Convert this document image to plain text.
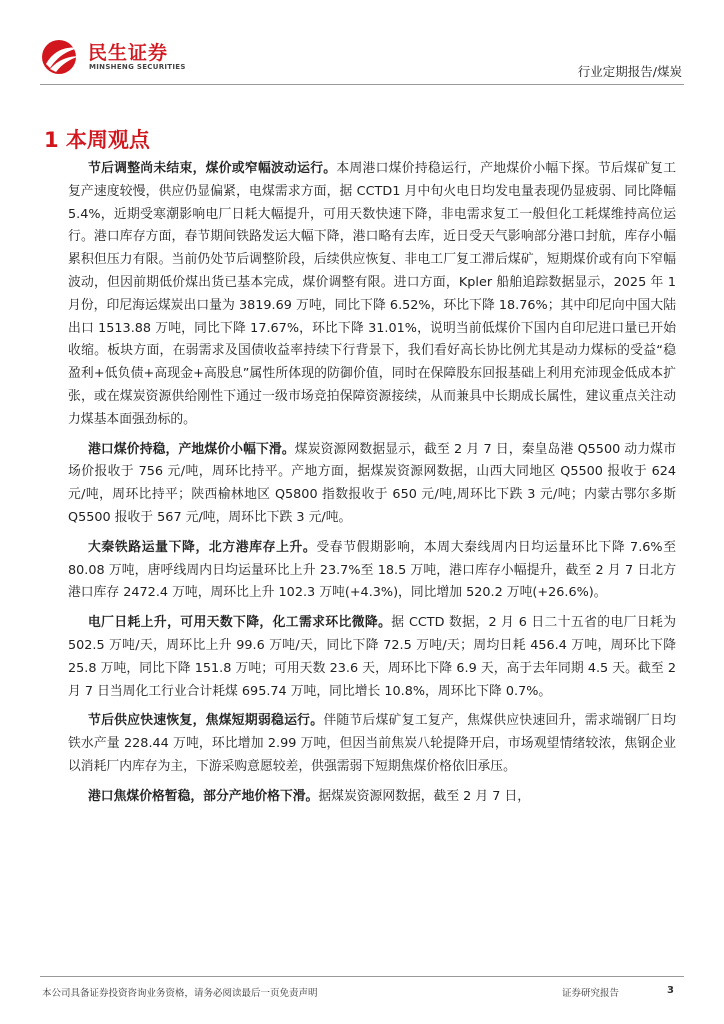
民生证券
MINSHENG SECURITIES	行业定期报告/煤炭
1 本周观点

节后调整尚未结束，煤价或窄幅波动运行。本周港口煤价持稳运行，产地煤价小幅下探。节后煤矿复工复产速度较慢，供应仍显偏紧，电煤需求方面，据 CCTD1 月中旬火电日均发电量表现仍显疲弱、同比降幅 5.4%，近期受寒潮影响电厂日耗大幅提升，可用天数快速下降，非电需求复工一般但化工耗煤维持高位运行。港口库存方面，春节期间铁路发运大幅下降，港口略有去库，近日受天气影响部分港口封航，库存小幅累积但压力有限。当前仍处节后调整阶段，后续供应恢复、非电工厂复工滞后煤矿，短期煤价或有向下窄幅波动，但因前期低价煤出货已基本完成，煤价调整有限。进口方面，Kpler 船舶追踪数据显示，2025 年 1 月份，印尼海运煤炭出口量为 3819.69 万吨，同比下降 6.52%，环比下降 18.76%；其中印尼向中国大陆出口 1513.88 万吨，同比下降 17.67%，环比下降 31.01%，说明当前低煤价下国内自印尼进口量已开始收缩。板块方面，在弱需求及国债收益率持续下行背景下，我们看好高长协比例尤其是动力煤标的受益“稳盈利+低负债+高现金+高股息”属性所体现的防御价值，同时在保障股东回报基础上利用充沛现金低成本扩张，或在煤炭资源供给刚性下通过一级市场竞拍保障资源接续，从而兼具中长期成长属性，建议重点关注动力煤基本面强劲标的。

港口煤价持稳，产地煤价小幅下滑。煤炭资源网数据显示，截至 2 月 7 日，秦皇岛港 Q5500 动力煤市场价报收于 756 元/吨，周环比持平。产地方面，据煤炭资源网数据，山西大同地区 Q5500 报收于 624 元/吨，周环比持平；陕西榆林地区 Q5800 指数报收于 650 元/吨,周环比下跌 3 元/吨；内蒙古鄂尔多斯 Q5500 报收于 567 元/吨，周环比下跌 3 元/吨。

大秦铁路运量下降，北方港库存上升。受春节假期影响，本周大秦线周内日均运量环比下降 7.6%至 80.08 万吨，唐呼线周内日均运量环比上升 23.7%至 18.5 万吨，港口库存小幅提升，截至 2 月 7 日北方港口库存 2472.4 万吨，周环比上升 102.3 万吨(+4.3%)，同比增加 520.2 万吨(+26.6%)。

电厂日耗上升，可用天数下降，化工需求环比微降。据 CCTD 数据，2 月 6 日二十五省的电厂日耗为 502.5 万吨/天，周环比上升 99.6 万吨/天，同比下降 72.5 万吨/天；周均日耗 456.4 万吨，周环比下降 25.8 万吨，同比下降 151.8 万吨；可用天数 23.6 天，周环比下降 6.9 天，高于去年同期 4.5 天。截至 2 月 7 日当周化工行业合计耗煤 695.74 万吨，同比增长 10.8%，周环比下降 0.7%。

节后供应快速恢复，焦煤短期弱稳运行。伴随节后煤矿复工复产，焦煤供应快速回升，需求端钢厂日均铁水产量 228.44 万吨，环比增加 2.99 万吨，但因当前焦炭八轮提降开启，市场观望情绪较浓，焦钢企业以消耗厂内库存为主，下游采购意愿较差，供强需弱下短期焦煤价格依旧承压。

港口焦煤价格暂稳，部分产地价格下滑。据煤炭资源网数据，截至 2 月 7 日，

本公司具备证券投资咨询业务资格，请务必阅读最后一页免责声明	证券研究报告	3
